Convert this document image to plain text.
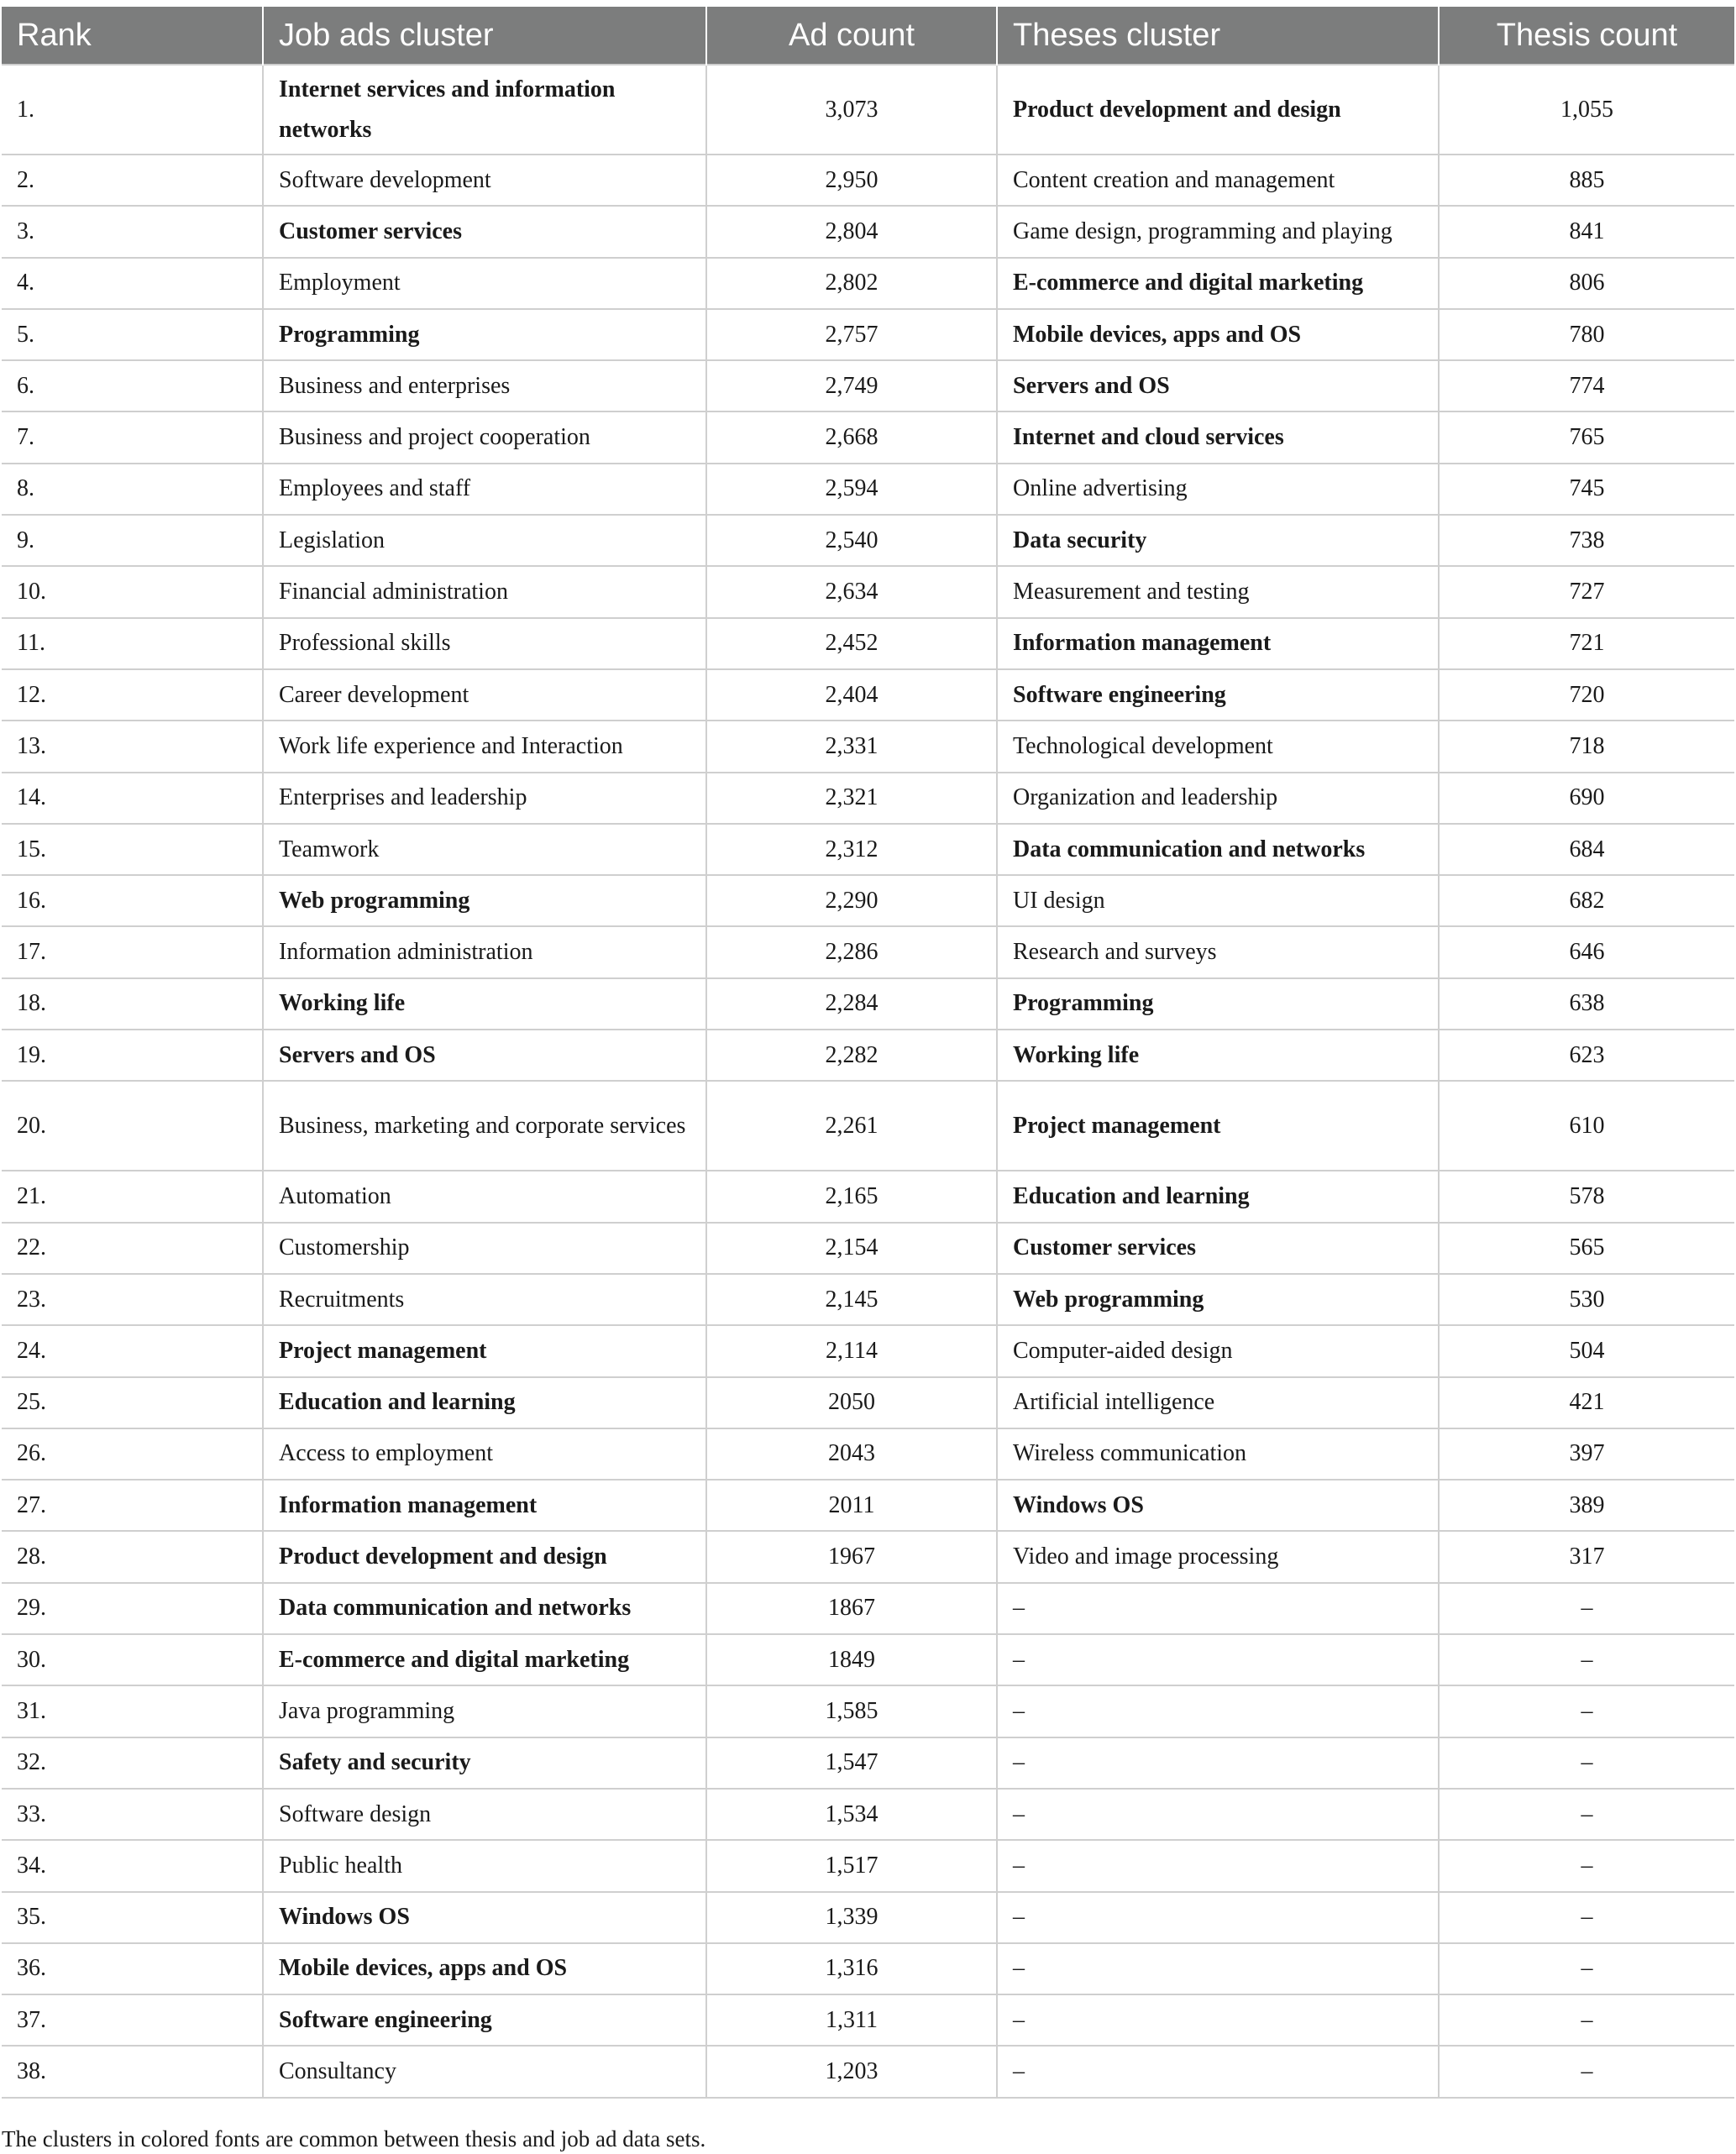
Rank	Job ads cluster	Ad count	Theses cluster	Thesis count
1.	Internet services and information networks	3,073	Product development and design	1,055
2.	Software development	2,950	Content creation and management	885
3.	Customer services	2,804	Game design, programming and playing	841
4.	Employment	2,802	E-commerce and digital marketing	806
5.	Programming	2,757	Mobile devices, apps and OS	780
6.	Business and enterprises	2,749	Servers and OS	774
7.	Business and project cooperation	2,668	Internet and cloud services	765
8.	Employees and staff	2,594	Online advertising	745
9.	Legislation	2,540	Data security	738
10.	Financial administration	2,634	Measurement and testing	727
11.	Professional skills	2,452	Information management	721
12.	Career development	2,404	Software engineering	720
13.	Work life experience and Interaction	2,331	Technological development	718
14.	Enterprises and leadership	2,321	Organization and leadership	690
15.	Teamwork	2,312	Data communication and networks	684
16.	Web programming	2,290	UI design	682
17.	Information administration	2,286	Research and surveys	646
18.	Working life	2,284	Programming	638
19.	Servers and OS	2,282	Working life	623
20.	Business, marketing and corporate services	2,261	Project management	610
21.	Automation	2,165	Education and learning	578
22.	Customership	2,154	Customer services	565
23.	Recruitments	2,145	Web programming	530
24.	Project management	2,114	Computer-aided design	504
25.	Education and learning	2050	Artificial intelligence	421
26.	Access to employment	2043	Wireless communication	397
27.	Information management	2011	Windows OS	389
28.	Product development and design	1967	Video and image processing	317
29.	Data communication and networks	1867	–	–
30.	E-commerce and digital marketing	1849	–	–
31.	Java programming	1,585	–	–
32.	Safety and security	1,547	–	–
33.	Software design	1,534	–	–
34.	Public health	1,517	–	–
35.	Windows OS	1,339	–	–
36.	Mobile devices, apps and OS	1,316	–	–
37.	Software engineering	1,311	–	–
38.	Consultancy	1,203	–	–
The clusters in colored fonts are common between thesis and job ad data sets.
